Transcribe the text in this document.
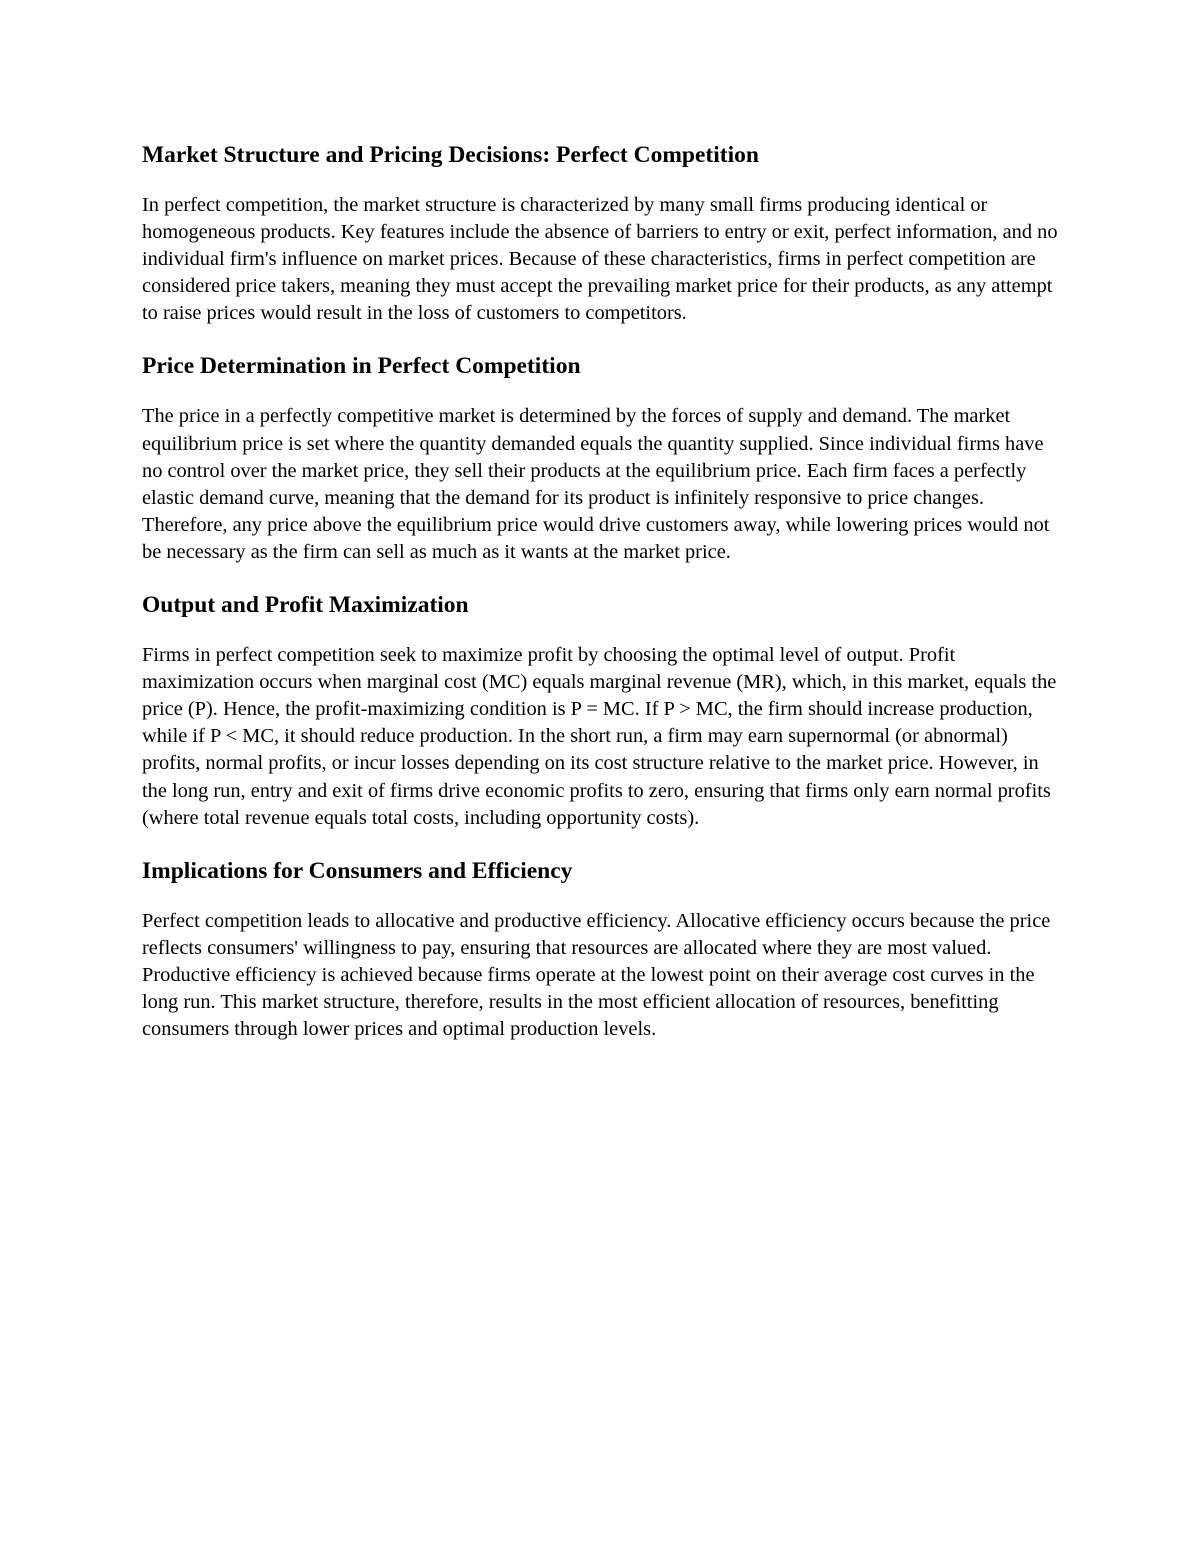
Market Structure and Pricing Decisions: Perfect Competition

In perfect competition, the market structure is characterized by many small firms producing identical or homogeneous products. Key features include the absence of barriers to entry or exit, perfect information, and no individual firm's influence on market prices. Because of these characteristics, firms in perfect competition are considered price takers, meaning they must accept the prevailing market price for their products, as any attempt to raise prices would result in the loss of customers to competitors.

Price Determination in Perfect Competition

The price in a perfectly competitive market is determined by the forces of supply and demand. The market equilibrium price is set where the quantity demanded equals the quantity supplied. Since individual firms have no control over the market price, they sell their products at the equilibrium price. Each firm faces a perfectly elastic demand curve, meaning that the demand for its product is infinitely responsive to price changes. Therefore, any price above the equilibrium price would drive customers away, while lowering prices would not be necessary as the firm can sell as much as it wants at the market price.

Output and Profit Maximization

Firms in perfect competition seek to maximize profit by choosing the optimal level of output. Profit maximization occurs when marginal cost (MC) equals marginal revenue (MR), which, in this market, equals the price (P). Hence, the profit-maximizing condition is P = MC. If P > MC, the firm should increase production, while if P < MC, it should reduce production. In the short run, a firm may earn supernormal (or abnormal) profits, normal profits, or incur losses depending on its cost structure relative to the market price. However, in the long run, entry and exit of firms drive economic profits to zero, ensuring that firms only earn normal profits (where total revenue equals total costs, including opportunity costs).

Implications for Consumers and Efficiency

Perfect competition leads to allocative and productive efficiency. Allocative efficiency occurs because the price reflects consumers' willingness to pay, ensuring that resources are allocated where they are most valued. Productive efficiency is achieved because firms operate at the lowest point on their average cost curves in the long run. This market structure, therefore, results in the most efficient allocation of resources, benefitting consumers through lower prices and optimal production levels.
